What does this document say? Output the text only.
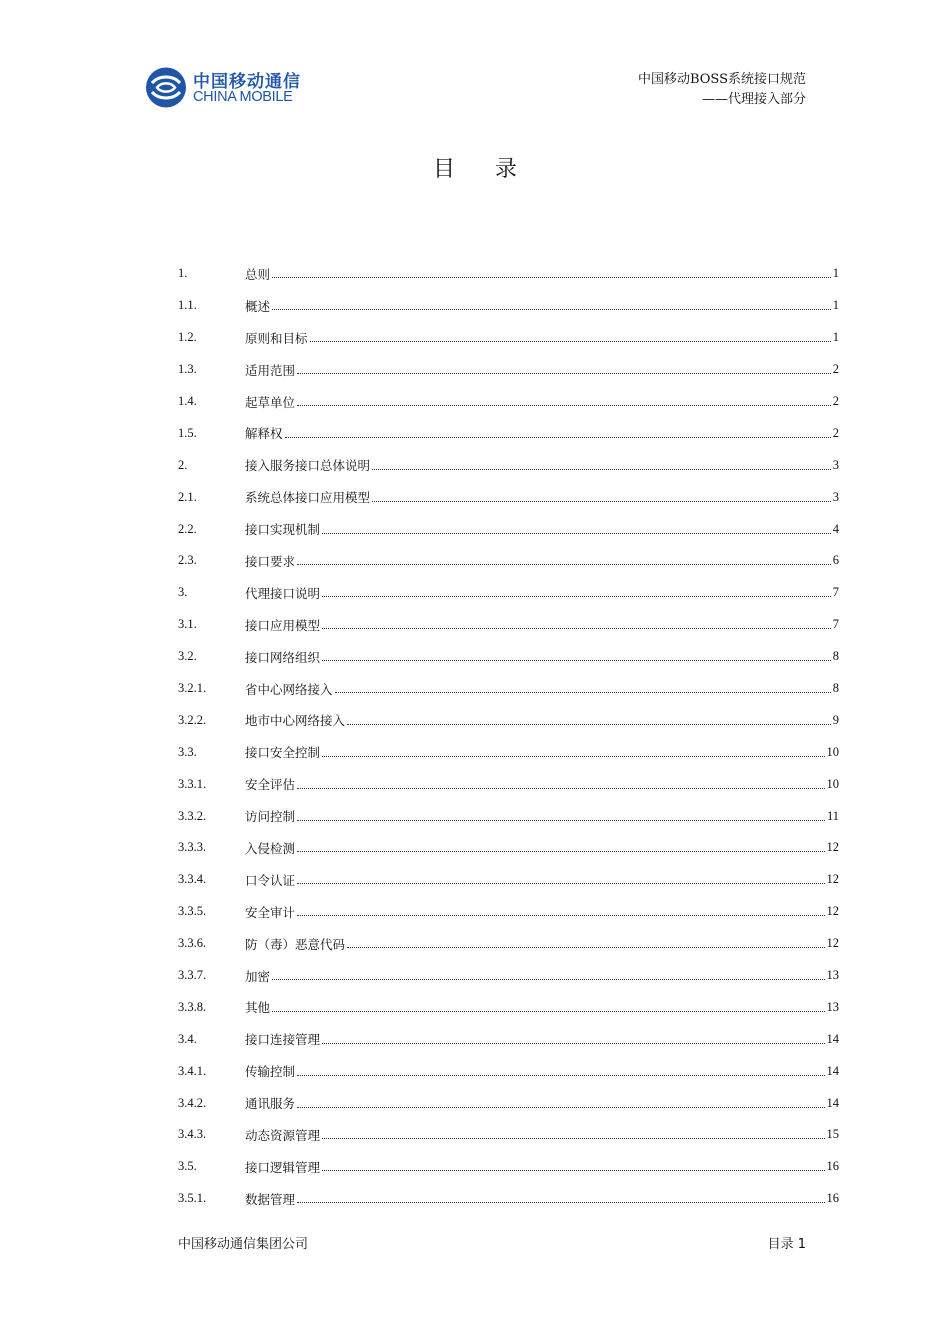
中国移动通信
CHINA MOBILE
中国移动BOSS系统接口规范
——代理接入部分
目录
1.	总则	1
1.1.	概述	1
1.2.	原则和目标	1
1.3.	适用范围	2
1.4.	起草单位	2
1.5.	解释权	2
2.	接入服务接口总体说明	3
2.1.	系统总体接口应用模型	3
2.2.	接口实现机制	4
2.3.	接口要求	6
3.	代理接口说明	7
3.1.	接口应用模型	7
3.2.	接口网络组织	8
3.2.1.	省中心网络接入	8
3.2.2.	地市中心网络接入	9
3.3.	接口安全控制	10
3.3.1.	安全评估	10
3.3.2.	访问控制	11
3.3.3.	入侵检测	12
3.3.4.	口令认证	12
3.3.5.	安全审计	12
3.3.6.	防（毒）恶意代码	12
3.3.7.	加密	13
3.3.8.	其他	13
3.4.	接口连接管理	14
3.4.1.	传输控制	14
3.4.2.	通讯服务	14
3.4.3.	动态资源管理	15
3.5.	接口逻辑管理	16
3.5.1.	数据管理	16
中国移动通信集团公司	目录 1
